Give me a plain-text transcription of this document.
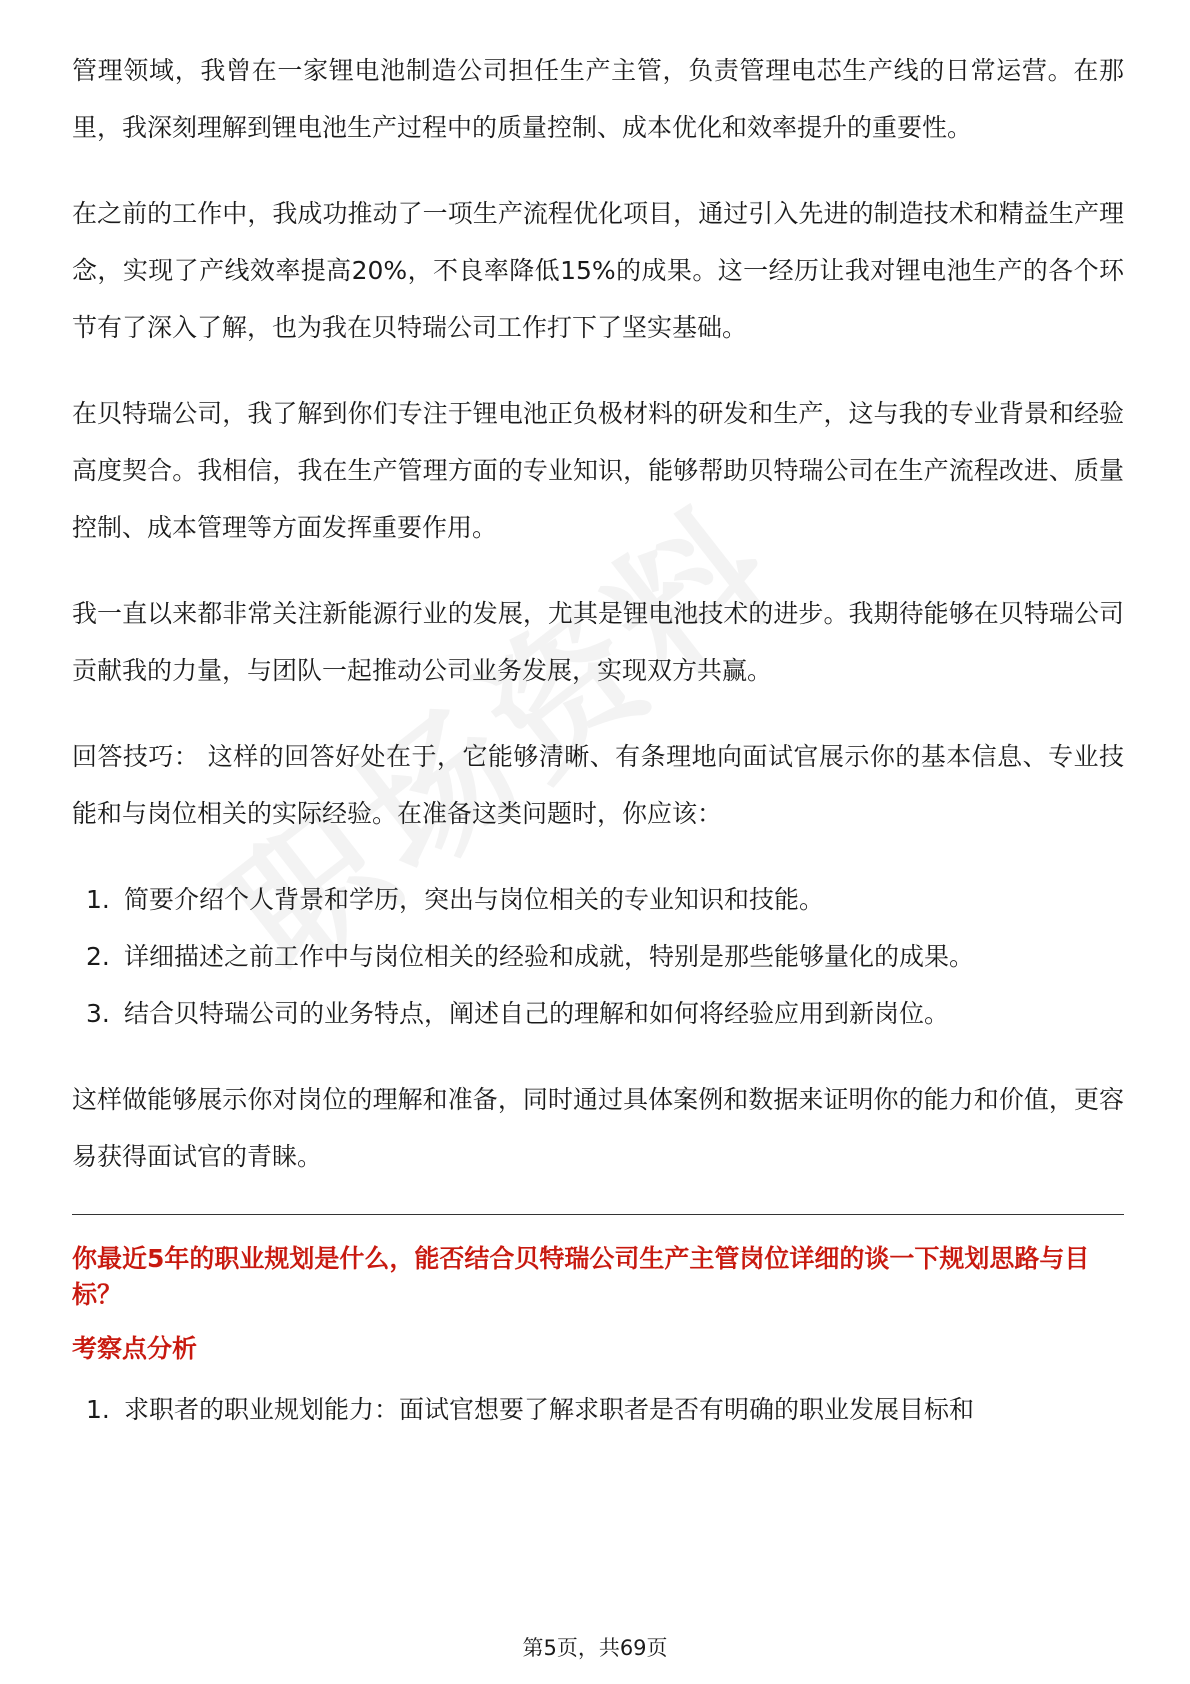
管理领域，我曾在一家锂电池制造公司担任生产主管，负责管理电芯生产线的日常运营。在那里，我深刻理解到锂电池生产过程中的质量控制、成本优化和效率提升的重要性。

在之前的工作中，我成功推动了一项生产流程优化项目，通过引入先进的制造技术和精益生产理念，实现了产线效率提高20%，不良率降低15%的成果。这一经历让我对锂电池生产的各个环节有了深入了解，也为我在贝特瑞公司工作打下了坚实基础。

在贝特瑞公司，我了解到你们专注于锂电池正负极材料的研发和生产，这与我的专业背景和经验高度契合。我相信，我在生产管理方面的专业知识，能够帮助贝特瑞公司在生产流程改进、质量控制、成本管理等方面发挥重要作用。

我一直以来都非常关注新能源行业的发展，尤其是锂电池技术的进步。我期待能够在贝特瑞公司贡献我的力量，与团队一起推动公司业务发展，实现双方共赢。

回答技巧： 这样的回答好处在于，它能够清晰、有条理地向面试官展示你的基本信息、专业技能和与岗位相关的实际经验。在准备这类问题时，你应该：

1. 简要介绍个人背景和学历，突出与岗位相关的专业知识和技能。
2. 详细描述之前工作中与岗位相关的经验和成就，特别是那些能够量化的成果。
3. 结合贝特瑞公司的业务特点，阐述自己的理解和如何将经验应用到新岗位。

这样做能够展示你对岗位的理解和准备，同时通过具体案例和数据来证明你的能力和价值，更容易获得面试官的青睐。

你最近5年的职业规划是什么，能否结合贝特瑞公司生产主管岗位详细的谈一下规划思路与目标？
考察点分析
1. 求职者的职业规划能力：面试官想要了解求职者是否有明确的职业发展目标和
第5页，共69页
